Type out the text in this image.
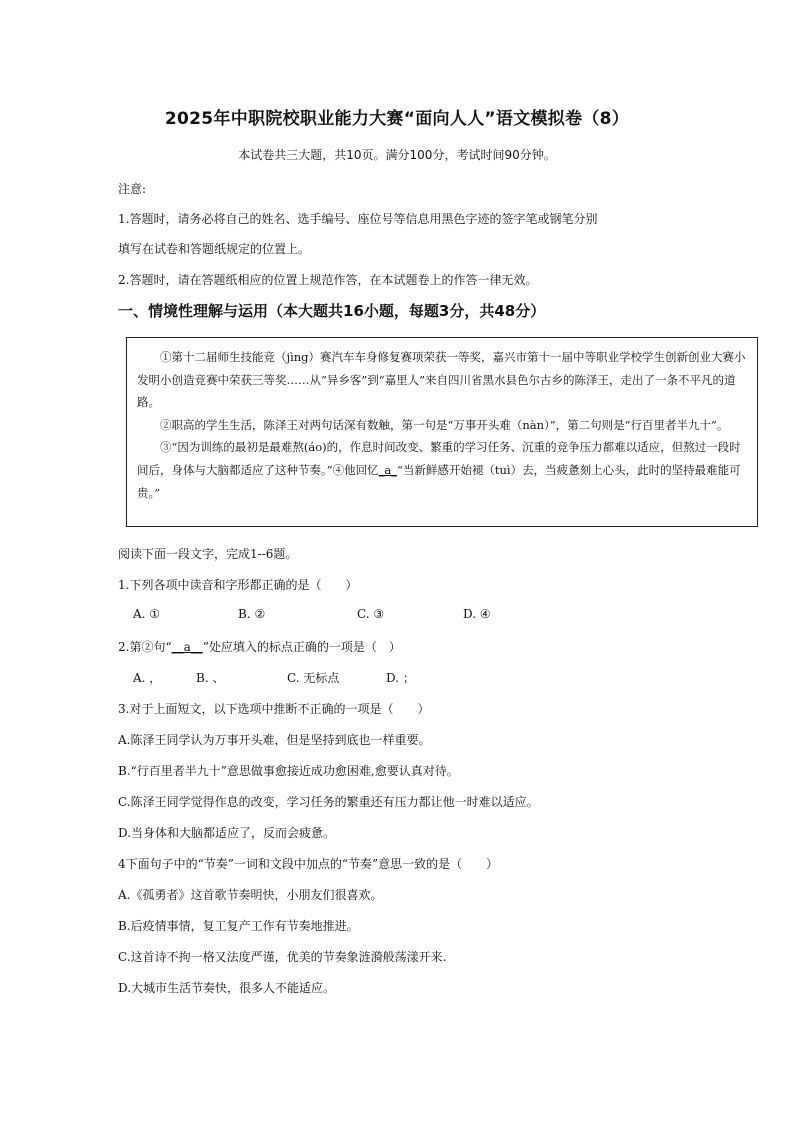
2025年中职院校职业能力大赛“面向人人”语文模拟卷（8）
本试卷共三大题，共10页。满分100分，考试时间90分钟。
注意:
1.答题时，请务必将自己的姓名、选手编号、座位号等信息用黑色字迹的签字笔或钢笔分别
填写在试卷和答题纸规定的位置上。
2.答题时，请在答题纸相应的位置上规范作答，在本试题卷上的作答一律无效。
一、情境性理解与运用（本大题共16小题，每题3分，共48分）

①第十二届师生技能竞（jìng）赛汽车车身修复赛项荣获一等奖，嘉兴市第十一届中等职业学校学生创新创业大赛小发明小创造竞赛中荣获三等奖……从“异乡客”到“嘉里人”来自四川省黑水县色尔古乡的陈泽王，走出了一条不平凡的道路。

②职高的学生生活，陈泽王对两句话深有数触，第一句是“万事开头难（nàn）”，第二句则是“行百里者半九十”。

③“因为训练的最初是最难熬(áo)的，作息时间改变、繁重的学习任务、沉重的竞争压力都难以适应，但熬过一段时间后，身体与大脑都适应了这种节奏。”④他回忆_a_“当新鲜感开始褪（tuì）去，当疲惫刻上心头，此时的坚持最难能可贵。”

阅读下面一段文字，完成1--6题。
1.下列各项中读音和字形都正确的是（　　）
A. ①	B. ②	C. ③	D. ④
2.第②句“__a__”处应填入的标点正确的一项是（　）
A. ，	B. 、	C. 无标点	D. ；
3.对于上面短文，以下选项中推断不正确的一项是（　　）
A.陈泽王同学认为万事开头难，但是坚持到底也一样重要。
B.“行百里者半九十”意思做事愈接近成功愈困难,愈要认真对待。
C.陈泽王同学觉得作息的改变，学习任务的繁重还有压力都让他一时难以适应。
D.当身体和大脑都适应了，反而会疲惫。
4下面句子中的“节奏”一词和文段中加点的“节奏”意思一致的是（　　）
A.《孤勇者》这首歌节奏明快，小朋友们很喜欢。
B.后疫情事情，复工复产工作有节奏地推进。
C.这首诗不拘一格又法度严谨，优美的节奏象涟漪般荡漾开来.
D.大城市生活节奏快，很多人不能适应。
